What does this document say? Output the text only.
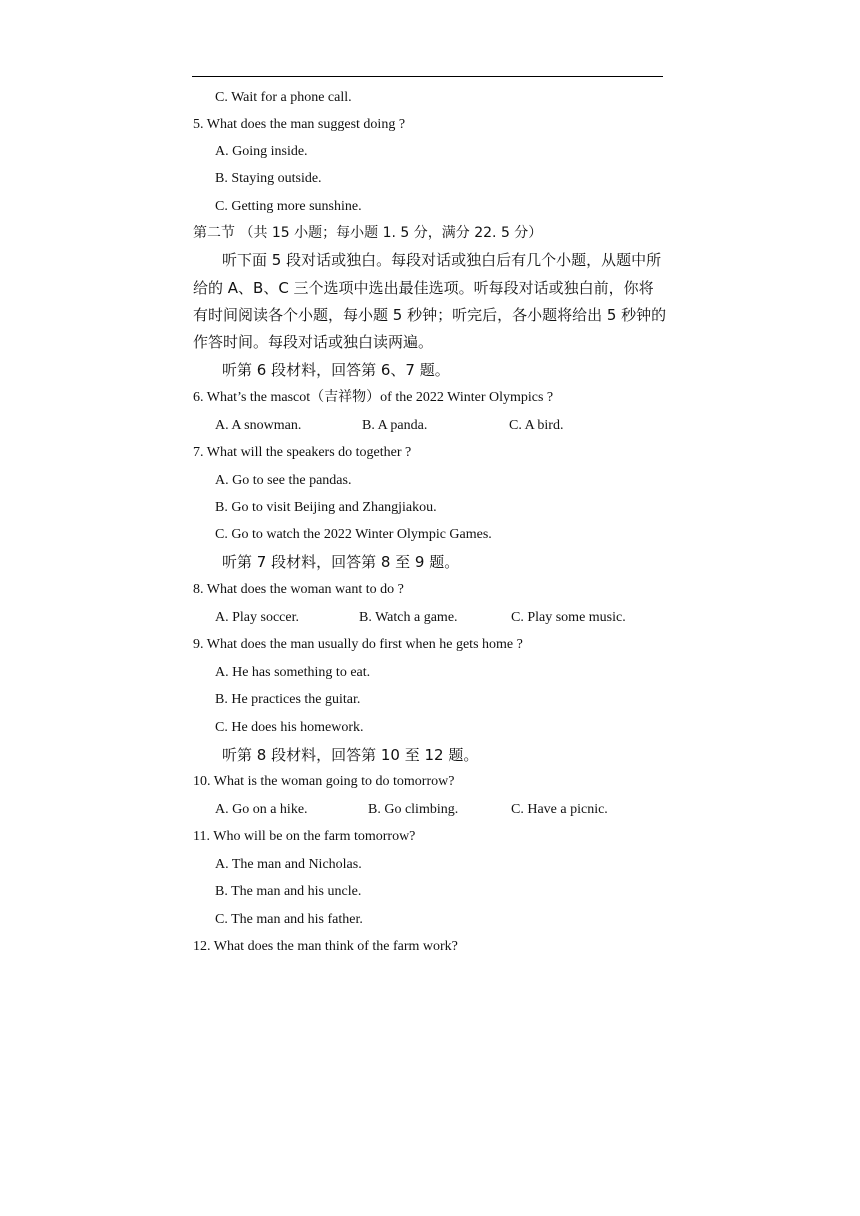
C. Wait for a phone call.
5. What does the man suggest doing ?
A. Going inside.
B. Staying outside.
C. Getting more sunshine.
第二节 （共 15 小题；每小题 1. 5 分，满分 22. 5 分）
听下面 5 段对话或独白。每段对话或独白后有几个小题，从题中所
给的 A、B、C 三个选项中选出最佳选项。听每段对话或独白前，你将
有时间阅读各个小题，每小题 5 秒钟；听完后，各小题将给出 5 秒钟的
作答时间。每段对话或独白读两遍。
听第 6 段材料，回答第 6、7 题。
6. What’s the mascot（吉祥物）of the 2022 Winter Olympics ?
A. A snowman.	B. A panda.	C. A bird.
7. What will the speakers do together ?
A. Go to see the pandas.
B. Go to visit Beijing and Zhangjiakou.
C. Go to watch the 2022 Winter Olympic Games.
听第 7 段材料，回答第 8 至 9 题。
8. What does the woman want to do ?
A. Play soccer.	B. Watch a game.	C. Play some music.
9. What does the man usually do first when he gets home ?
A. He has something to eat.
B. He practices the guitar.
C. He does his homework.
听第 8 段材料，回答第 10 至 12 题。
10. What is the woman going to do tomorrow?
A. Go on a hike.	B. Go climbing.	C. Have a picnic.
11. Who will be on the farm tomorrow?
A. The man and Nicholas.
B. The man and his uncle.
C. The man and his father.
12. What does the man think of the farm work?
